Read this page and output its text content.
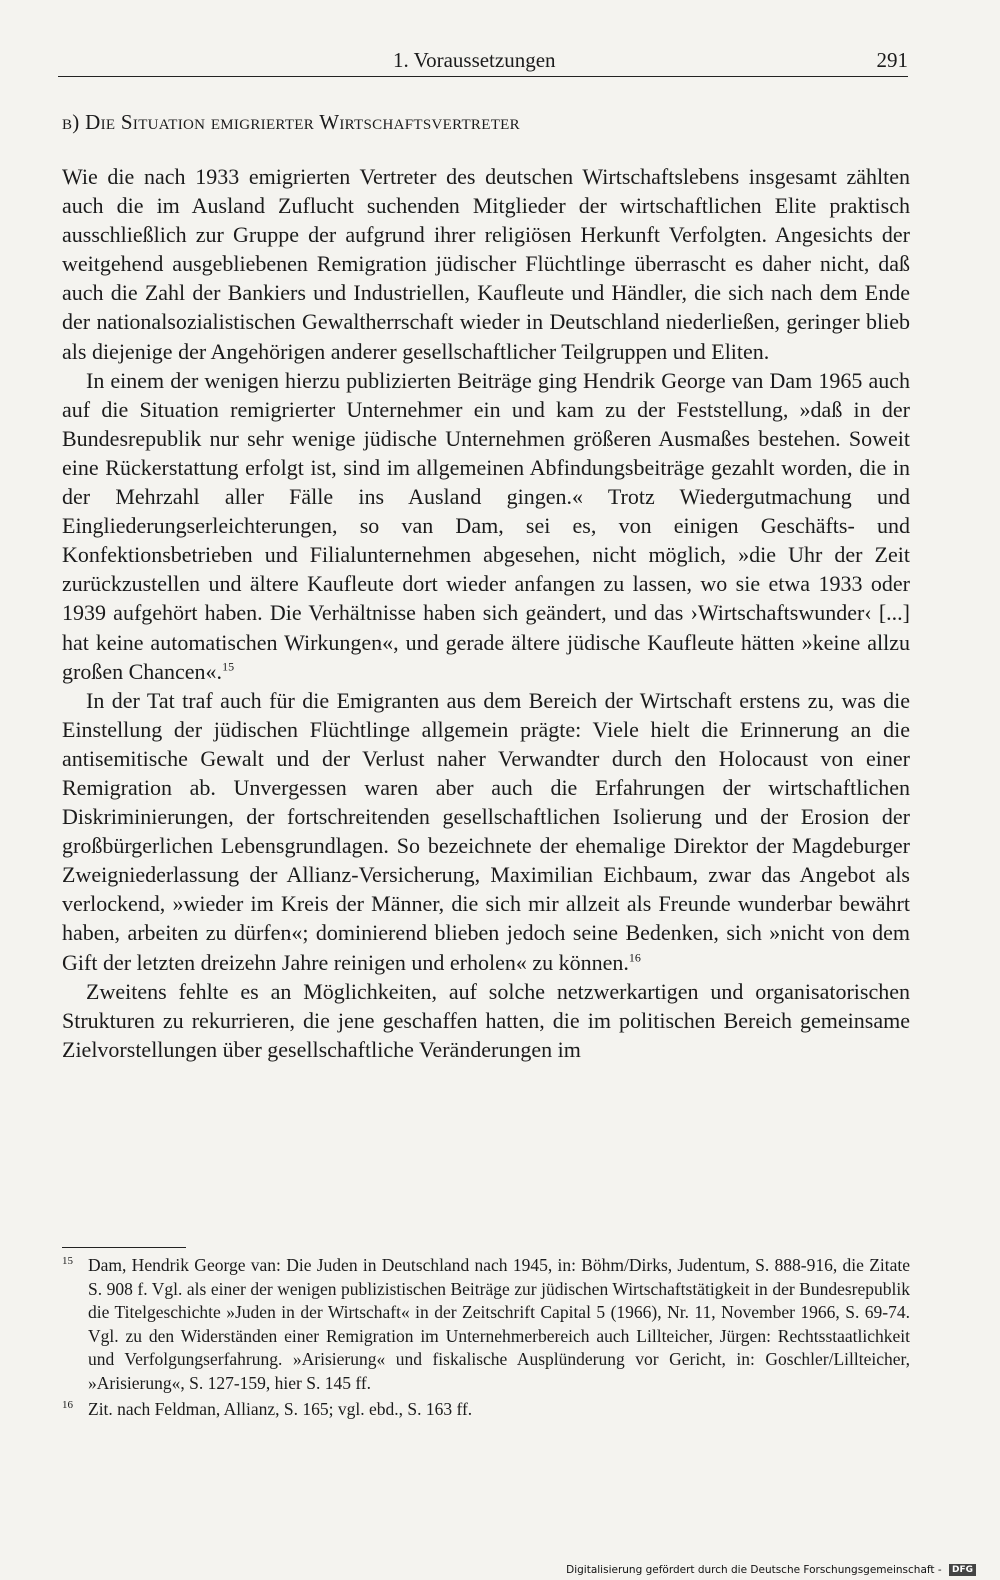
1. Voraussetzungen	291
b) Die Situation emigrierter Wirtschaftsvertreter

Wie die nach 1933 emigrierten Vertreter des deutschen Wirtschaftslebens insgesamt zählten auch die im Ausland Zuflucht suchenden Mitglieder der wirtschaftlichen Elite praktisch ausschließlich zur Gruppe der aufgrund ihrer religiösen Herkunft Verfolgten. Angesichts der weitgehend ausgebliebenen Remigration jüdischer Flüchtlinge überrascht es daher nicht, daß auch die Zahl der Bankiers und Industriellen, Kaufleute und Händler, die sich nach dem Ende der nationalsozialistischen Gewaltherrschaft wieder in Deutschland niederließen, geringer blieb als diejenige der Angehörigen anderer gesellschaftlicher Teilgruppen und Eliten.

In einem der wenigen hierzu publizierten Beiträge ging Hendrik George van Dam 1965 auch auf die Situation remigrierter Unternehmer ein und kam zu der Feststellung, »daß in der Bundesrepublik nur sehr wenige jüdische Unternehmen größeren Ausmaßes bestehen. Soweit eine Rückerstattung erfolgt ist, sind im allgemeinen Abfindungsbeiträge gezahlt worden, die in der Mehrzahl aller Fälle ins Ausland gingen.« Trotz Wiedergutmachung und Eingliederungserleichterungen, so van Dam, sei es, von einigen Geschäfts- und Konfektionsbetrieben und Filialunternehmen abgesehen, nicht möglich, »die Uhr der Zeit zurückzustellen und ältere Kaufleute dort wieder anfangen zu lassen, wo sie etwa 1933 oder 1939 aufgehört haben. Die Verhältnisse haben sich geändert, und das ›Wirtschaftswunder‹ [...] hat keine automatischen Wirkungen«, und gerade ältere jüdische Kaufleute hätten »keine allzu großen Chancen«.$^{15}$

In der Tat traf auch für die Emigranten aus dem Bereich der Wirtschaft erstens zu, was die Einstellung der jüdischen Flüchtlinge allgemein prägte: Viele hielt die Erinnerung an die antisemitische Gewalt und der Verlust naher Verwandter durch den Holocaust von einer Remigration ab. Unvergessen waren aber auch die Erfahrungen der wirtschaftlichen Diskriminierungen, der fortschreitenden gesellschaftlichen Isolierung und der Erosion der großbürgerlichen Lebensgrundlagen. So bezeichnete der ehemalige Direktor der Magdeburger Zweigniederlassung der Allianz-Versicherung, Maximilian Eichbaum, zwar das Angebot als verlockend, »wieder im Kreis der Männer, die sich mir allzeit als Freunde wunderbar bewährt haben, arbeiten zu dürfen«; dominierend blieben jedoch seine Bedenken, sich »nicht von dem Gift der letzten dreizehn Jahre reinigen und erholen« zu können.$^{16}$

Zweitens fehlte es an Möglichkeiten, auf solche netzwerkartigen und organisatorischen Strukturen zu rekurrieren, die jene geschaffen hatten, die im politischen Bereich gemeinsame Zielvorstellungen über gesellschaftliche Veränderungen im

15 Dam, Hendrik George van: Die Juden in Deutschland nach 1945, in: Böhm/Dirks, Judentum, S. 888-916, die Zitate S. 908 f. Vgl. als einer der wenigen publizistischen Beiträge zur jüdischen Wirtschaftstätigkeit in der Bundesrepublik die Titelgeschichte »Juden in der Wirtschaft« in der Zeitschrift Capital 5 (1966), Nr. 11, November 1966, S. 69-74. Vgl. zu den Widerständen einer Remigration im Unternehmerbereich auch Lillteicher, Jürgen: Rechtsstaatlichkeit und Verfolgungserfahrung. »Arisierung« und fiskalische Ausplünderung vor Gericht, in: Goschler/Lillteicher, »Arisierung«, S. 127-159, hier S. 145 ff.
16 Zit. nach Feldman, Allianz, S. 165; vgl. ebd., S. 163 ff.
Digitalisierung gefördert durch die Deutsche Forschungsgemeinschaft - DFG
